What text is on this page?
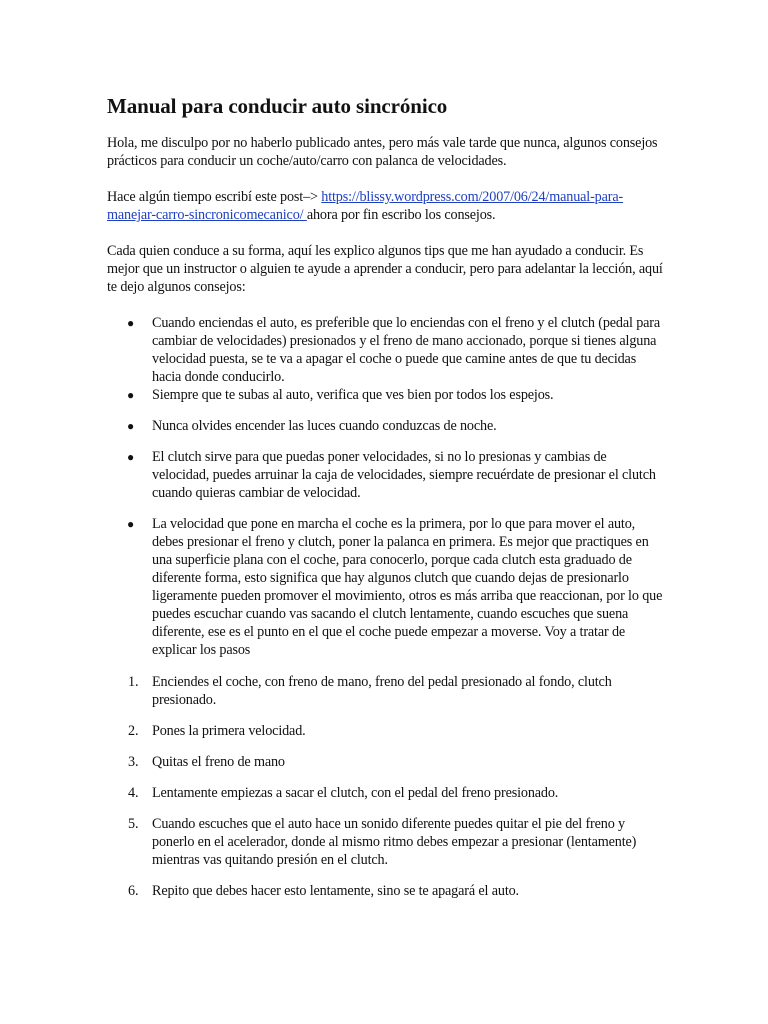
Manual para conducir auto sincrónico

Hola, me disculpo por no haberlo publicado antes, pero más vale tarde que nunca, algunos consejos prácticos para conducir un coche/auto/carro con palanca de velocidades.

Hace algún tiempo escribí este post–> https://blissy.wordpress.com/2007/06/24/manual-para-manejar-carro-sincronicomecanico/ ahora por fin escribo los consejos.

Cada quien conduce a su forma, aquí les explico algunos tips que me han ayudado a conducir. Es mejor que un instructor o alguien te ayude a aprender a conducir, pero para adelantar la lección, aquí te dejo algunos consejos:

● Cuando enciendas el auto, es preferible que lo enciendas con el freno y el clutch (pedal para cambiar de velocidades) presionados y el freno de mano accionado, porque si tienes alguna velocidad puesta, se te va a apagar el coche o puede que camine antes de que tu decidas hacia donde conducirlo.
● Siempre que te subas al auto, verifica que ves bien por todos los espejos.
● Nunca olvides encender las luces cuando conduzcas de noche.
● El clutch sirve para que puedas poner velocidades, si no lo presionas y cambias de velocidad, puedes arruinar la caja de velocidades, siempre recuérdate de presionar el clutch cuando quieras cambiar de velocidad.
● La velocidad que pone en marcha el coche es la primera, por lo que para mover el auto, debes presionar el freno y clutch, poner la palanca en primera. Es mejor que practiques en una superficie plana con el coche, para conocerlo, porque cada clutch esta graduado de diferente forma, esto significa que hay algunos clutch que cuando dejas de presionarlo ligeramente pueden promover el movimiento, otros es más arriba que reaccionan, por lo que puedes escuchar cuando vas sacando el clutch lentamente, cuando escuches que suena diferente, ese es el punto en el que el coche puede empezar a moverse. Voy a tratar de explicar los pasos
1. Enciendes el coche, con freno de mano, freno del pedal presionado al fondo, clutch presionado.
2. Pones la primera velocidad.
3. Quitas el freno de mano
4. Lentamente empiezas a sacar el clutch, con el pedal del freno presionado.
5. Cuando escuches que el auto hace un sonido diferente puedes quitar el pie del freno y ponerlo en el acelerador, donde al mismo ritmo debes empezar a presionar (lentamente) mientras vas quitando presión en el clutch.
6. Repito que debes hacer esto lentamente, sino se te apagará el auto.
